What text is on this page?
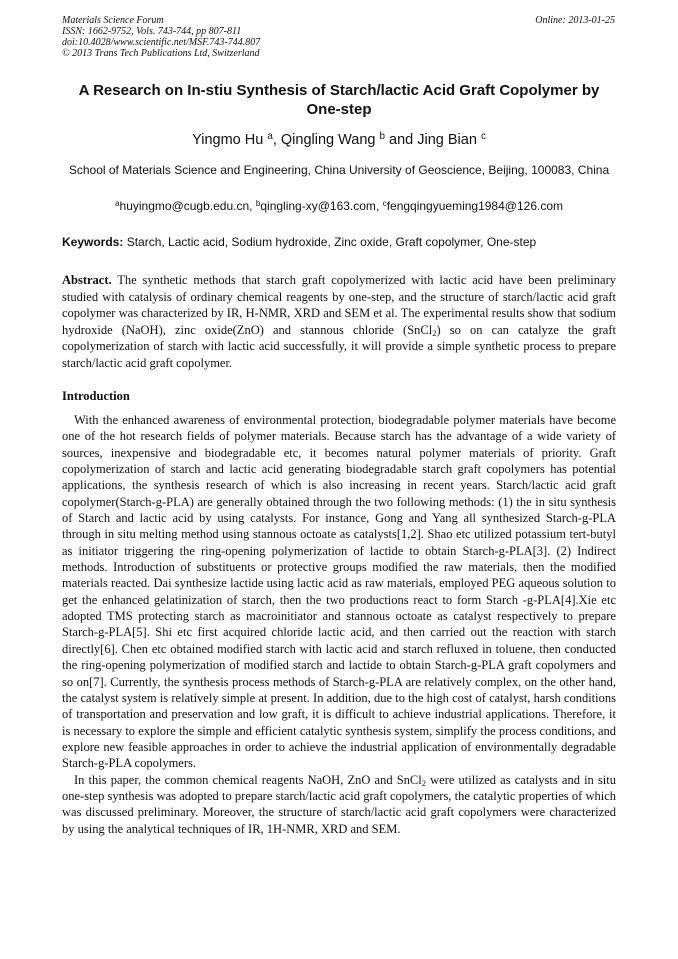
Materials Science Forum
ISSN: 1662-9752, Vols. 743-744, pp 807-811
doi:10.4028/www.scientific.net/MSF.743-744.807
© 2013 Trans Tech Publications Ltd, Switzerland
Online: 2013-01-25
A Research on In-stiu Synthesis of Starch/lactic Acid Graft Copolymer by One-step
Yingmo Hu $^a$, Qingling Wang $^b$ and Jing Bian $^c$
School of Materials Science and Engineering, China University of Geoscience, Beijing, 100083, China
$^a$huyingmo@cugb.edu.cn, $^b$qingling-xy@163.com, $^c$fengqingyueming1984@126.com
Keywords: Starch, Lactic acid, Sodium hydroxide, Zinc oxide, Graft copolymer, One-step
Abstract. The synthetic methods that starch graft copolymerized with lactic acid have been preliminary studied with catalysis of ordinary chemical reagents by one-step, and the structure of starch/lactic acid graft copolymer was characterized by IR, H-NMR, XRD and SEM et al. The experimental results show that sodium hydroxide (NaOH), zinc oxide(ZnO) and stannous chloride (SnCl$_2$) so on can catalyze the graft copolymerization of starch with lactic acid successfully, it will provide a simple synthetic process to prepare starch/lactic acid graft copolymer.
Introduction

With the enhanced awareness of environmental protection, biodegradable polymer materials have become one of the hot research fields of polymer materials. Because starch has the advantage of a wide variety of sources, inexpensive and biodegradable etc, it becomes natural polymer materials of priority. Graft copolymerization of starch and lactic acid generating biodegradable starch graft copolymers has potential applications, the synthesis research of which is also increasing in recent years. Starch/lactic acid graft copolymer(Starch-g-PLA) are generally obtained through the two following methods: (1) the in situ synthesis of Starch and lactic acid by using catalysts. For instance, Gong and Yang all synthesized Starch-g-PLA through in situ melting method using stannous octoate as catalysts[1,2]. Shao etc utilized potassium tert-butyl as initiator triggering the ring-opening polymerization of lactide to obtain Starch-g-PLA[3]. (2) Indirect methods. Introduction of substituents or protective groups modified the raw materials, then the modified materials reacted. Dai synthesize lactide using lactic acid as raw materials, employed PEG aqueous solution to get the enhanced gelatinization of starch, then the two productions react to form Starch -g-PLA[4].Xie etc adopted TMS protecting starch as macroinitiator and stannous octoate as catalyst respectively to prepare Starch-g-PLA[5]. Shi etc first acquired chloride lactic acid, and then carried out the reaction with starch directly[6]. Chen etc obtained modified starch with lactic acid and starch refluxed in toluene, then conducted the ring-opening polymerization of modified starch and lactide to obtain Starch-g-PLA graft copolymers and so on[7]. Currently, the synthesis process methods of Starch-g-PLA are relatively complex, on the other hand, the catalyst system is relatively simple at present. In addition, due to the high cost of catalyst, harsh conditions of transportation and preservation and low graft, it is difficult to achieve industrial applications. Therefore, it is necessary to explore the simple and efficient catalytic synthesis system, simplify the process conditions, and explore new feasible approaches in order to achieve the industrial application of environmentally degradable Starch-g-PLA copolymers.

In this paper, the common chemical reagents NaOH, ZnO and SnCl$_2$ were utilized as catalysts and in situ one-step synthesis was adopted to prepare starch/lactic acid graft copolymers, the catalytic properties of which was discussed preliminary. Moreover, the structure of starch/lactic acid graft copolymers were characterized by using the analytical techniques of IR, 1H-NMR, XRD and SEM.
